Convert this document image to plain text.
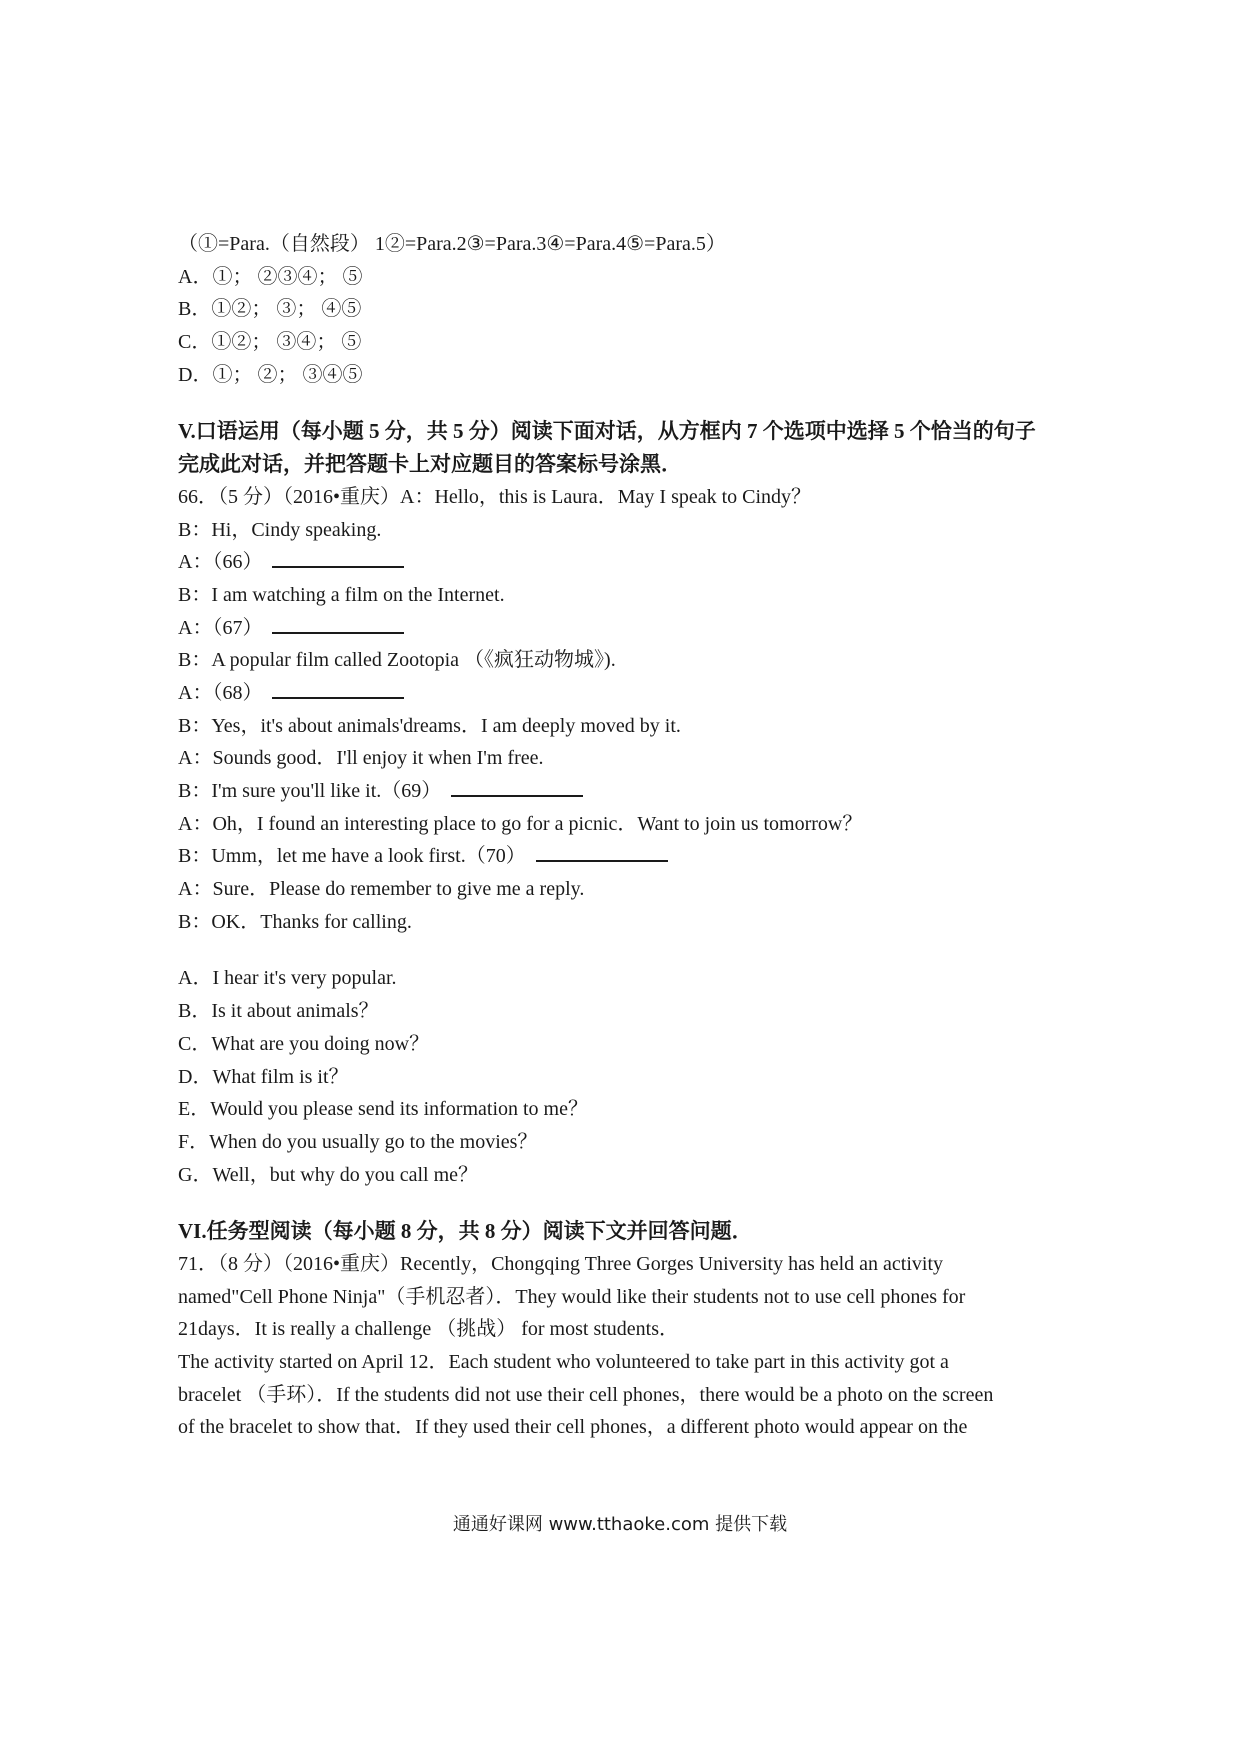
（①=Para.（自然段） 1②=Para.2③=Para.3④=Para.4⑤=Para.5）
A．①； ②③④； ⑤
B．①②； ③； ④⑤
C．①②； ③④； ⑤
D．①； ②； ③④⑤
V.口语运用（每小题 5 分，共 5 分）阅读下面对话，从方框内 7 个选项中选择 5 个恰当的句子
完成此对话，并把答题卡上对应题目的答案标号涂黑．
66．（5 分）（2016•重庆）A：Hello，this is Laura．May I speak to Cindy？
B：Hi，Cindy speaking.
A：（66）
B：I am watching a film on the Internet.
A：（67）
B：A popular film called Zootopia （《疯狂动物城》).
A：（68）
B：Yes，it's about animals'dreams．I am deeply moved by it.
A：Sounds good．I'll enjoy it when I'm free.
B：I'm sure you'll like it.（69）
A：Oh，I found an interesting place to go for a picnic．Want to join us tomorrow？
B：Umm，let me have a look first.（70）
A：Sure．Please do remember to give me a reply.
B：OK．Thanks for calling.
A．I hear it's very popular.
B．Is it about animals？
C．What are you doing now？
D．What film is it？
E．Would you please send its information to me？
F．When do you usually go to the movies？
G．Well，but why do you call me？
VI.任务型阅读（每小题 8 分，共 8 分）阅读下文并回答问题．
71．（8 分）（2016•重庆）Recently，Chongqing Three Gorges University has held an activity
named"Cell Phone Ninja"（手机忍者）．They would like their students not to use cell phones for
21days．It is really a challenge （挑战） for most students．
The activity started on April 12．Each student who volunteered to take part in this activity got a
bracelet （手环）．If the students did not use their cell phones，there would be a photo on the screen
of the bracelet to show that．If they used their cell phones，a different photo would appear on the
通通好课网 www.tthaoke.com 提供下载
